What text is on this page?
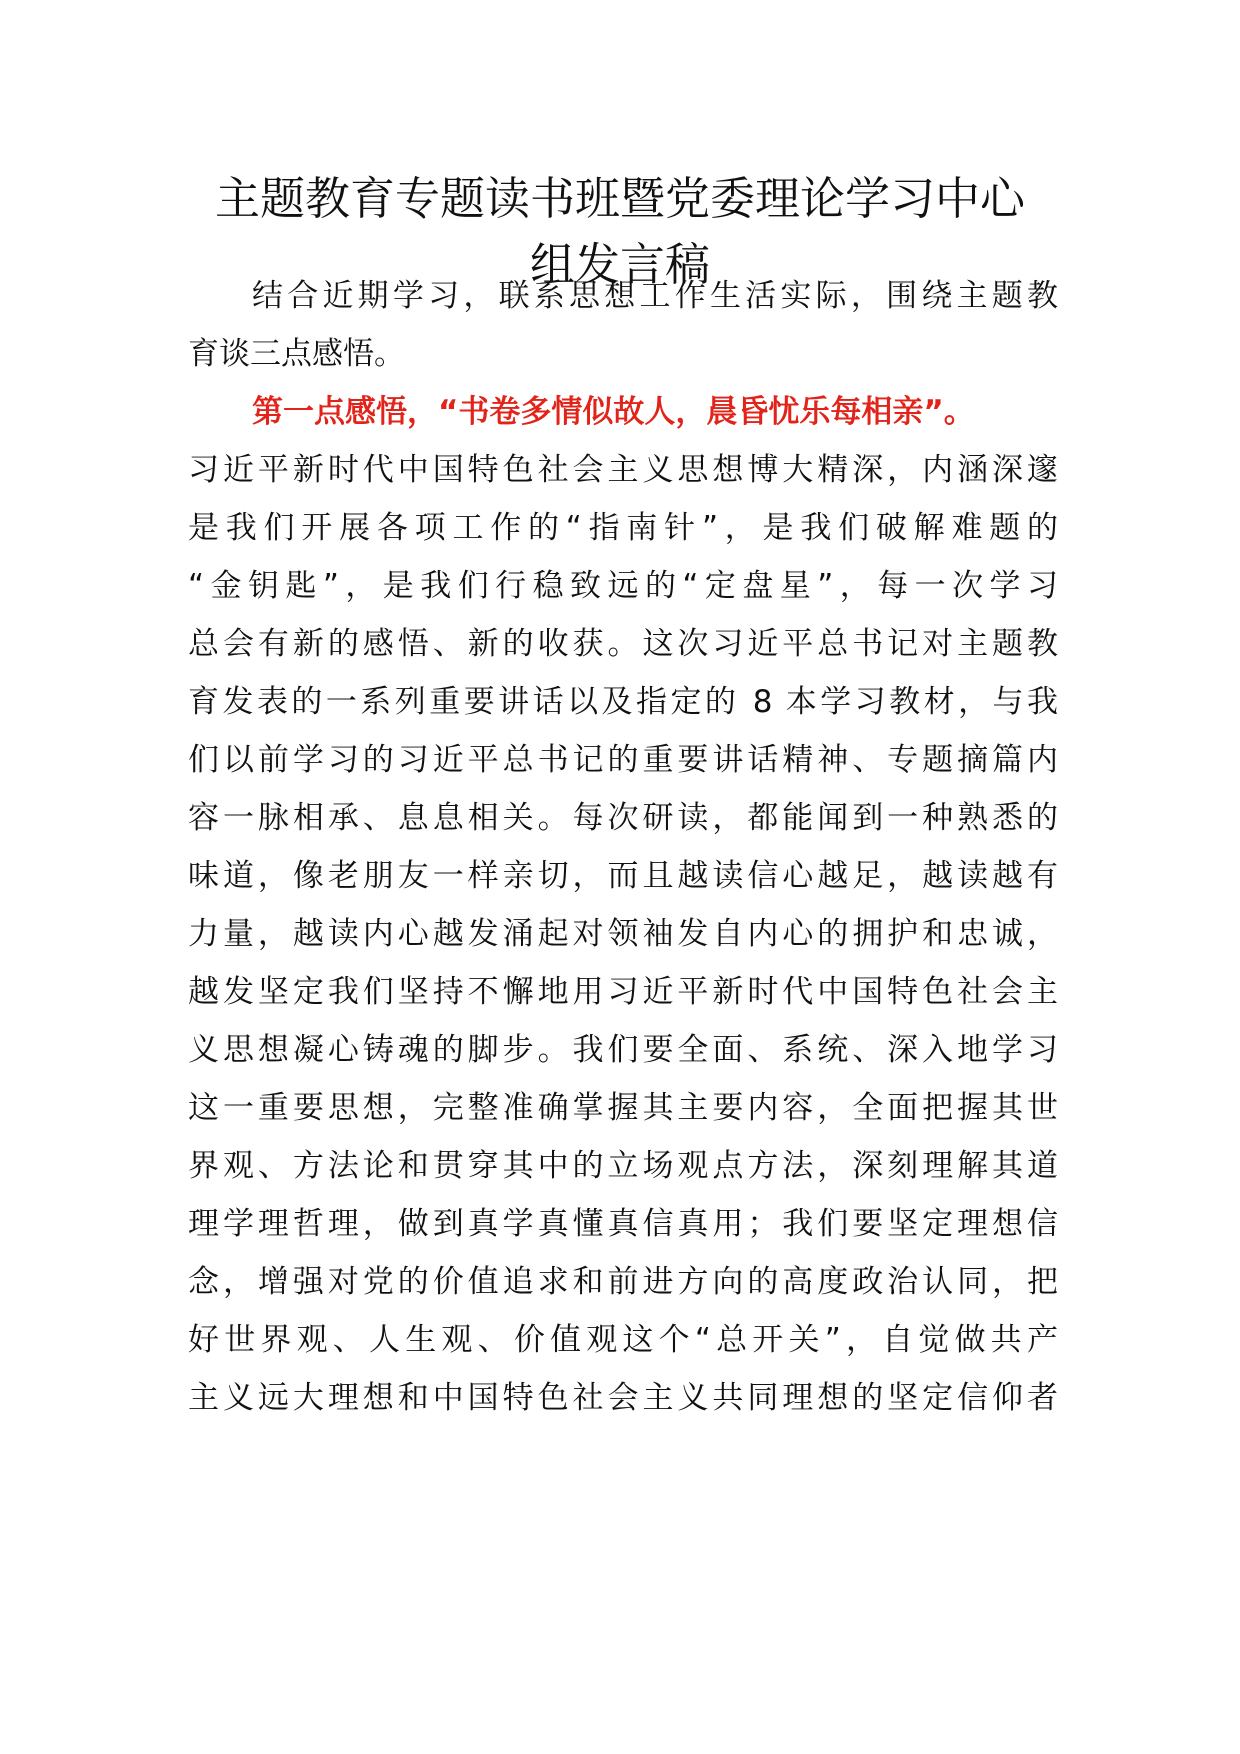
主题教育专题读书班暨党委理论学习中心
组发言稿

结合近期学习，联系思想工作生活实际，围绕主题教

育谈三点感悟。

第一点感悟，“书卷多情似故人，晨昏忧乐每相亲”。

习近平新时代中国特色社会主义思想博大精深，内涵深邃

是我们开展各项工作的“指南针”，是我们破解难题的

“金钥匙”，是我们行稳致远的“定盘星”，每一次学习

总会有新的感悟、新的收获。这次习近平总书记对主题教

育发表的一系列重要讲话以及指定的 8 本学习教材，与我

们以前学习的习近平总书记的重要讲话精神、专题摘篇内

容一脉相承、息息相关。每次研读，都能闻到一种熟悉的

味道，像老朋友一样亲切，而且越读信心越足，越读越有

力量，越读内心越发涌起对领袖发自内心的拥护和忠诚，

越发坚定我们坚持不懈地用习近平新时代中国特色社会主

义思想凝心铸魂的脚步。我们要全面、系统、深入地学习

这一重要思想，完整准确掌握其主要内容，全面把握其世

界观、方法论和贯穿其中的立场观点方法，深刻理解其道

理学理哲理，做到真学真懂真信真用；我们要坚定理想信

念，增强对党的价值追求和前进方向的高度政治认同，把

好世界观、人生观、价值观这个“总开关”，自觉做共产

主义远大理想和中国特色社会主义共同理想的坚定信仰者
